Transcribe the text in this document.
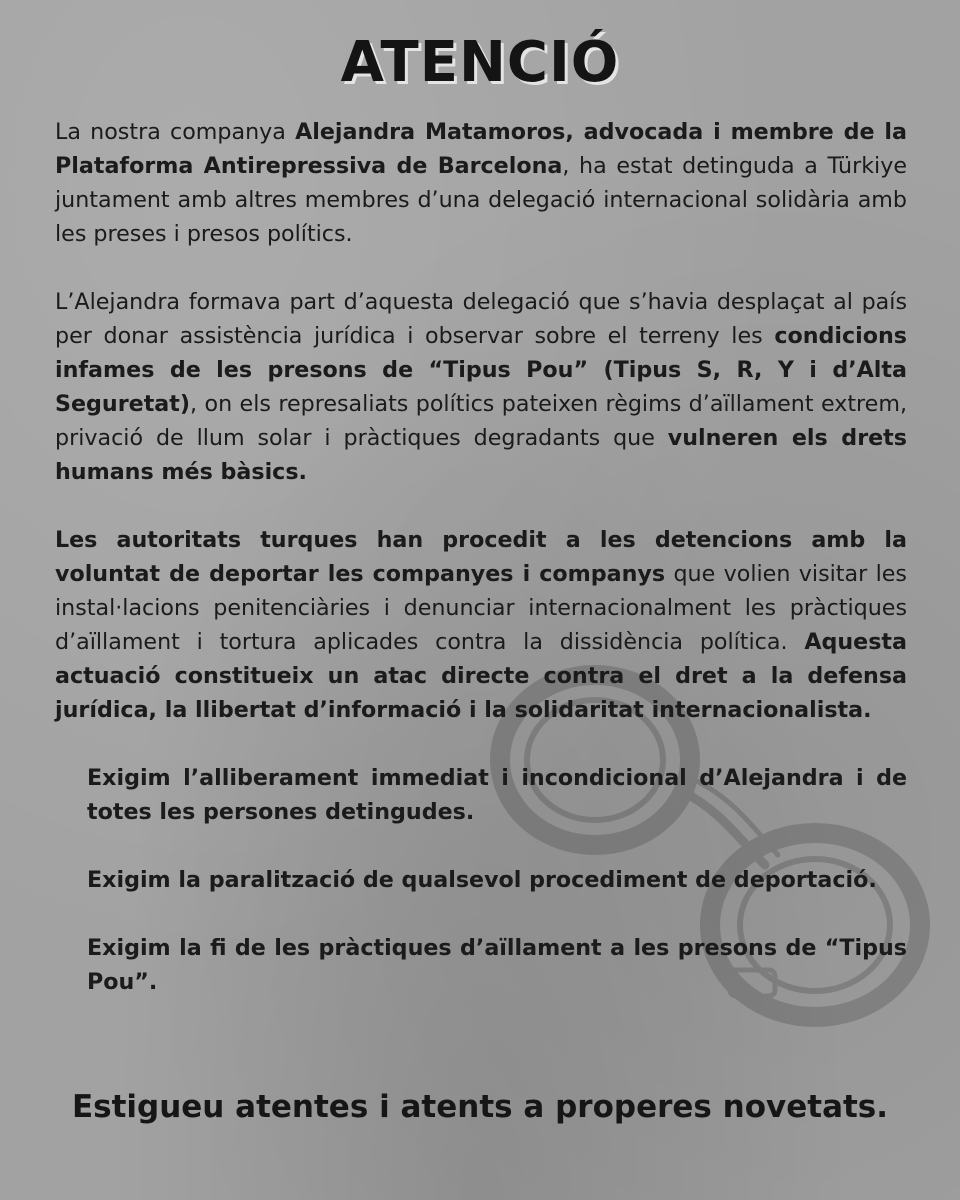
ATENCIÓ

La nostra companya Alejandra Matamoros, advocada i membre de la Plataforma Antirepressiva de Barcelona, ha estat detinguda a Türkiye juntament amb altres membres d’una delegació internacional solidària amb les preses i presos polítics.

L’Alejandra formava part d’aquesta delegació que s’havia desplaçat al país per donar assistència jurídica i observar sobre el terreny les condicions infames de les presons de “Tipus Pou” (Tipus S, R, Y i d’Alta Seguretat), on els represaliats polítics pateixen règims d’aïllament extrem, privació de llum solar i pràctiques degradants que vulneren els drets humans més bàsics.

Les autoritats turques han procedit a les detencions amb la voluntat de deportar les companyes i companys que volien visitar les instal·lacions penitenciàries i denunciar internacionalment les pràctiques d’aïllament i tortura aplicades contra la dissidència política. Aquesta actuació constitueix un atac directe contra el dret a la defensa jurídica, la llibertat d’informació i la solidaritat internacionalista.

Exigim l’alliberament immediat i incondicional d’Alejandra i de totes les persones detingudes.

Exigim la paralització de qualsevol procediment de deportació.

Exigim la fi de les pràctiques d’aïllament a les presons de “Tipus Pou”.

Estigueu atentes i atents a properes novetats.
